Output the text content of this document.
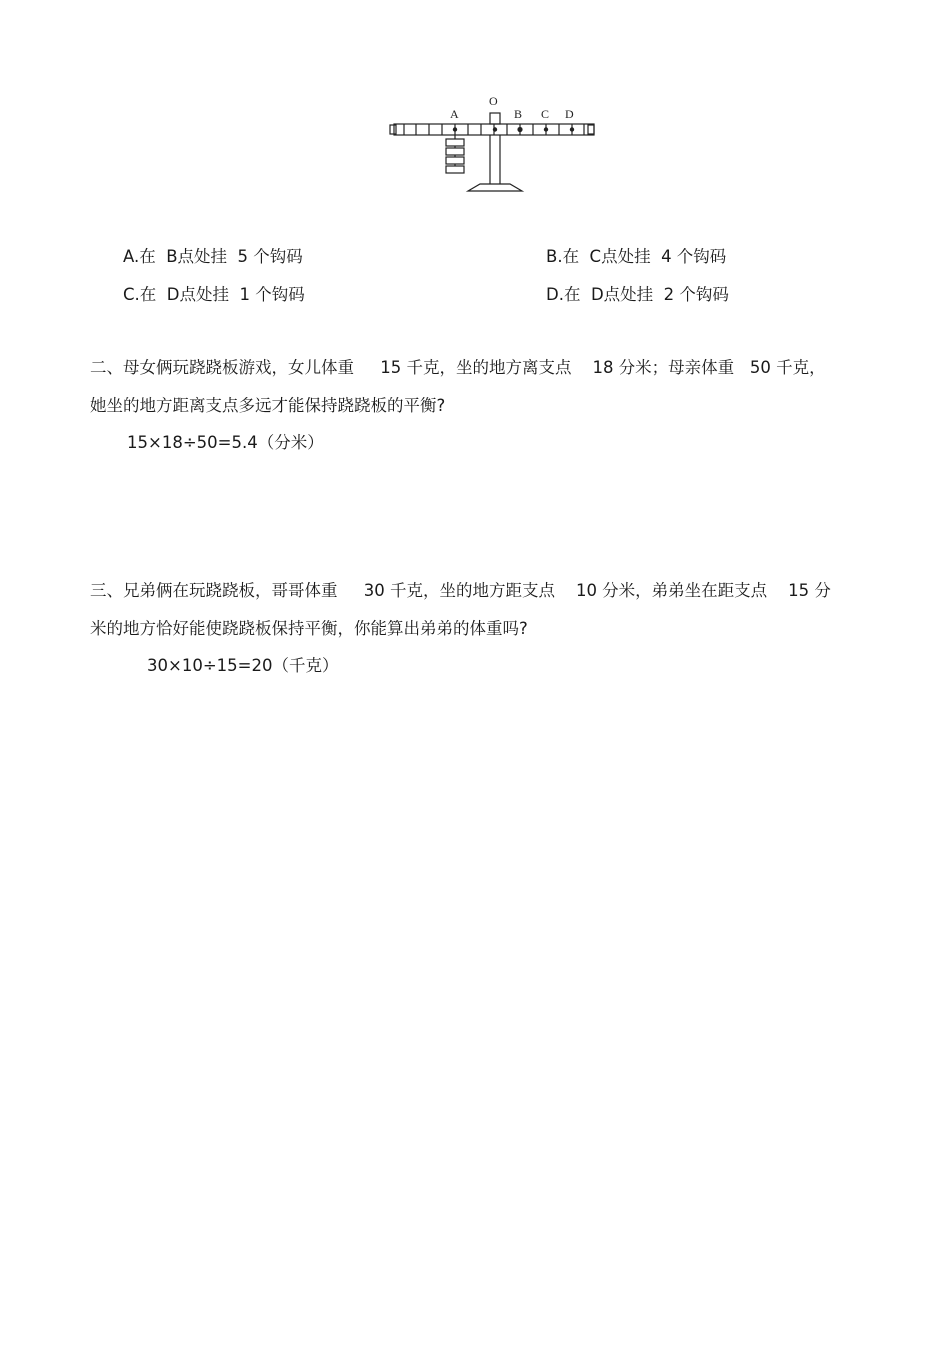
A
O
B C D
A.在  B点处挂  5 个钩码	B.在  C点处挂  4 个钩码
C.在  D点处挂  1 个钩码	D.在  D点处挂  2 个钩码
二、母女俩玩跷跷板游戏，女儿体重     15 千克，坐的地方离支点    18 分米；母亲体重   50 千克，
她坐的地方距离支点多远才能保持跷跷板的平衡?
15×18÷50=5.4（分米）
三、兄弟俩在玩跷跷板，哥哥体重     30 千克，坐的地方距支点    10 分米，弟弟坐在距支点    15 分
米的地方恰好能使跷跷板保持平衡，你能算出弟弟的体重吗?
30×10÷15=20（千克）
